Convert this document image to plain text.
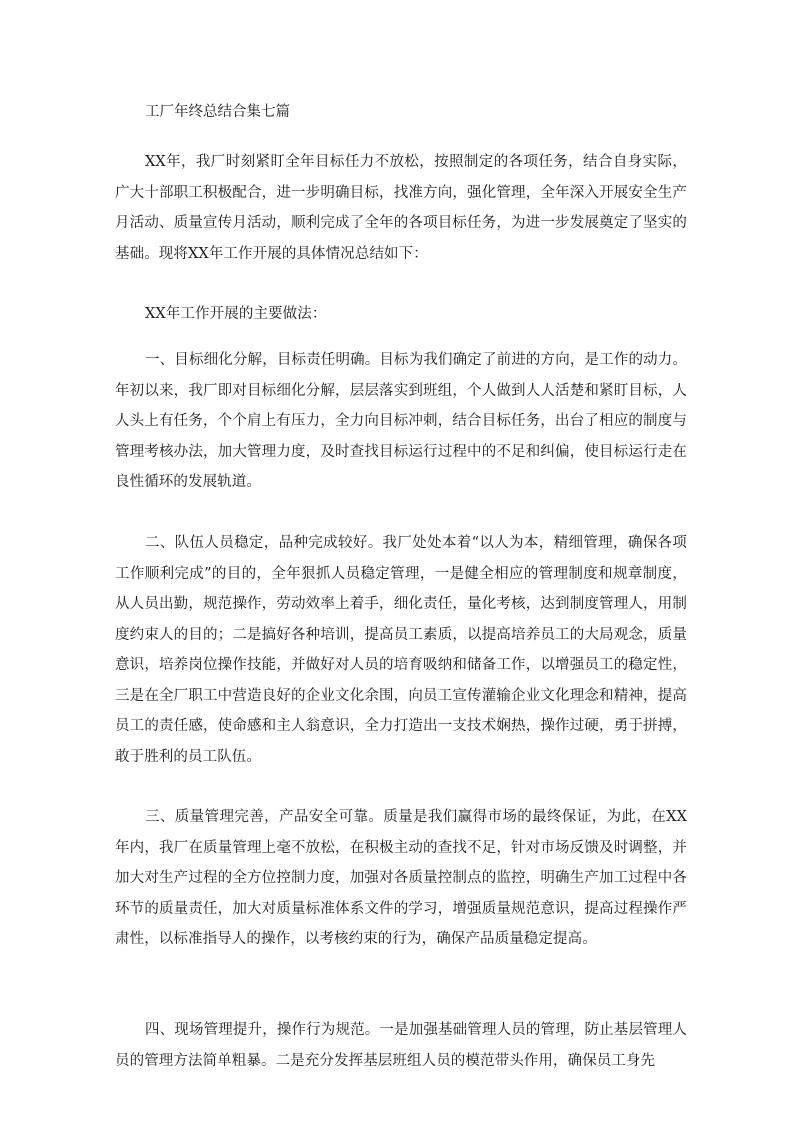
工厂年终总结合集七篇

XX年，我厂时刻紧盯全年目标任力不放松，按照制定的各项任务，结合自身实际，广大十部职工积极配合，进一步明确目标，找准方向，强化管理，全年深入开展安全生产月活动、质量宣传月活动，顺利完成了全年的各项目标任务，为进一步发展奠定了坚实的基础。现将XX年工作开展的具体情况总结如下：

XX年工作开展的主要做法：

一、目标细化分解，目标责任明确。目标为我们确定了前进的方向，是工作的动力。年初以来，我厂即对目标细化分解，层层落实到班组，个人做到人人活楚和紧盯目标，人人头上有任务，个个肩上有压力，全力向目标冲刺，结合目标任务，出台了相应的制度与管理考核办法，加大管理力度，及时查找目标运行过程中的不足和纠偏，使目标运行走在良性循环的发展轨道。

二、队伍人员稳定，品种完成较好。我厂处处本着“以人为本，精细管理，确保各项工作顺利完成”的目的，全年狠抓人员稳定管理，一是健全相应的管理制度和规章制度，从人员出勤，规范操作，劳动效率上着手，细化责任，量化考核，达到制度管理人，用制度约束人的目的；二是搞好各种培训，提高员工素质，以提高培养员工的大局观念，质量意识，培养岗位操作技能，并做好对人员的培育吸纳和储备工作，以增强员工的稳定性，三是在全厂职工中营造良好的企业文化余围，向员工宣传灌输企业文化理念和精神，提高员工的责任感，使命感和主人翁意识，全力打造出一支技术娴热，操作过硬，勇于拼搏，敢于胜利的员工队伍。

三、质量管理完善，产品安全可靠。质量是我们赢得市场的最终保证，为此，在XX年内，我厂在质量管理上毫不放松，在积极主动的查找不足，针对市场反馈及时调整，并加大对生产过程的全方位控制力度，加强对各质量控制点的监控，明确生产加工过程中各环节的质量责任，加大对质量标准体系文件的学习，增强质量规范意识，提高过程操作严肃性，以标准指导人的操作，以考核约束的行为，确保产品质量稳定提高。

四、现场管理提升，操作行为规范。一是加强基础管理人员的管理，防止基层管理人员的管理方法简单粗暴。二是充分发挥基层班组人员的模范带头作用，确保员工身先
